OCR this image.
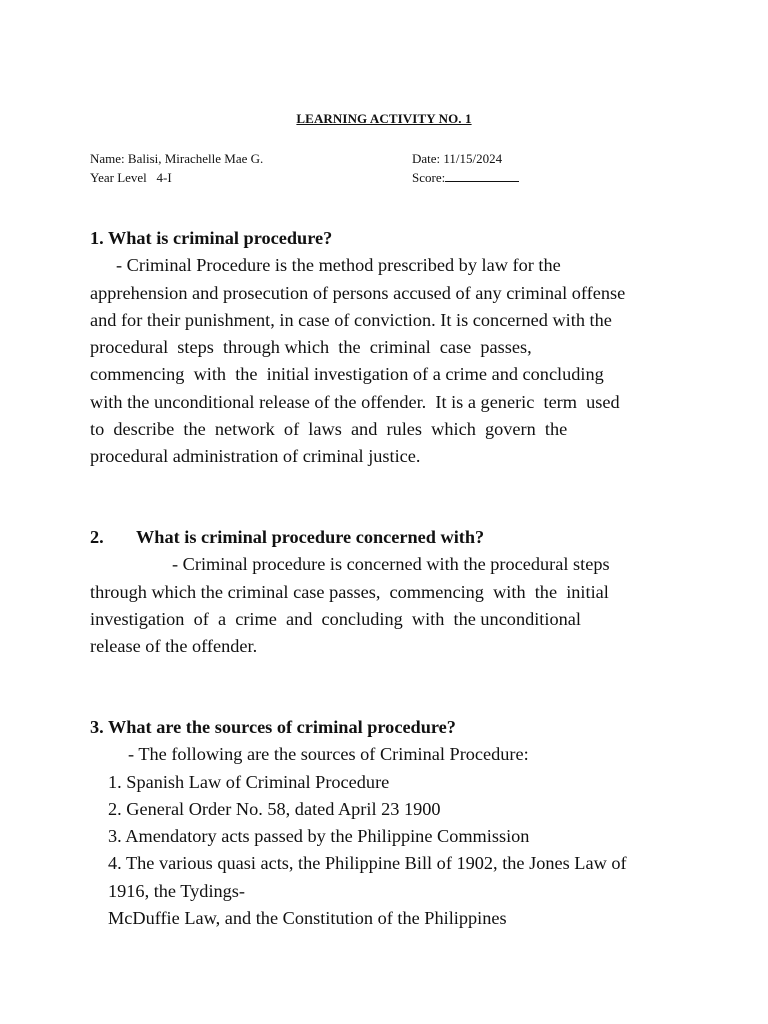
LEARNING ACTIVITY NO. 1
Name: Balisi, Mirachelle Mae G.
Year Level   4-I
Date: 11/15/2024
Score:
1. What is criminal procedure?
- Criminal Procedure is the method prescribed by law for the
apprehension and prosecution of persons accused of any criminal offense
and for their punishment, in case of conviction. It is concerned with the
procedural  steps  through which  the  criminal  case  passes,
commencing  with  the  initial investigation of a crime and concluding
with the unconditional release of the offender.  It is a generic  term  used
to  describe  the  network  of  laws  and  rules  which  govern  the
procedural administration of criminal justice.
2. What is criminal procedure concerned with?
- Criminal procedure is concerned with the procedural steps
through which the criminal case passes,  commencing  with  the  initial
investigation  of  a  crime  and  concluding  with  the unconditional
release of the offender.
3. What are the sources of criminal procedure?
- The following are the sources of Criminal Procedure:
1. Spanish Law of Criminal Procedure
2. General Order No. 58, dated April 23 1900
3. Amendatory acts passed by the Philippine Commission
4. The various quasi acts, the Philippine Bill of 1902, the Jones Law of
1916, the Tydings-
McDuffie Law, and the Constitution of the Philippines
